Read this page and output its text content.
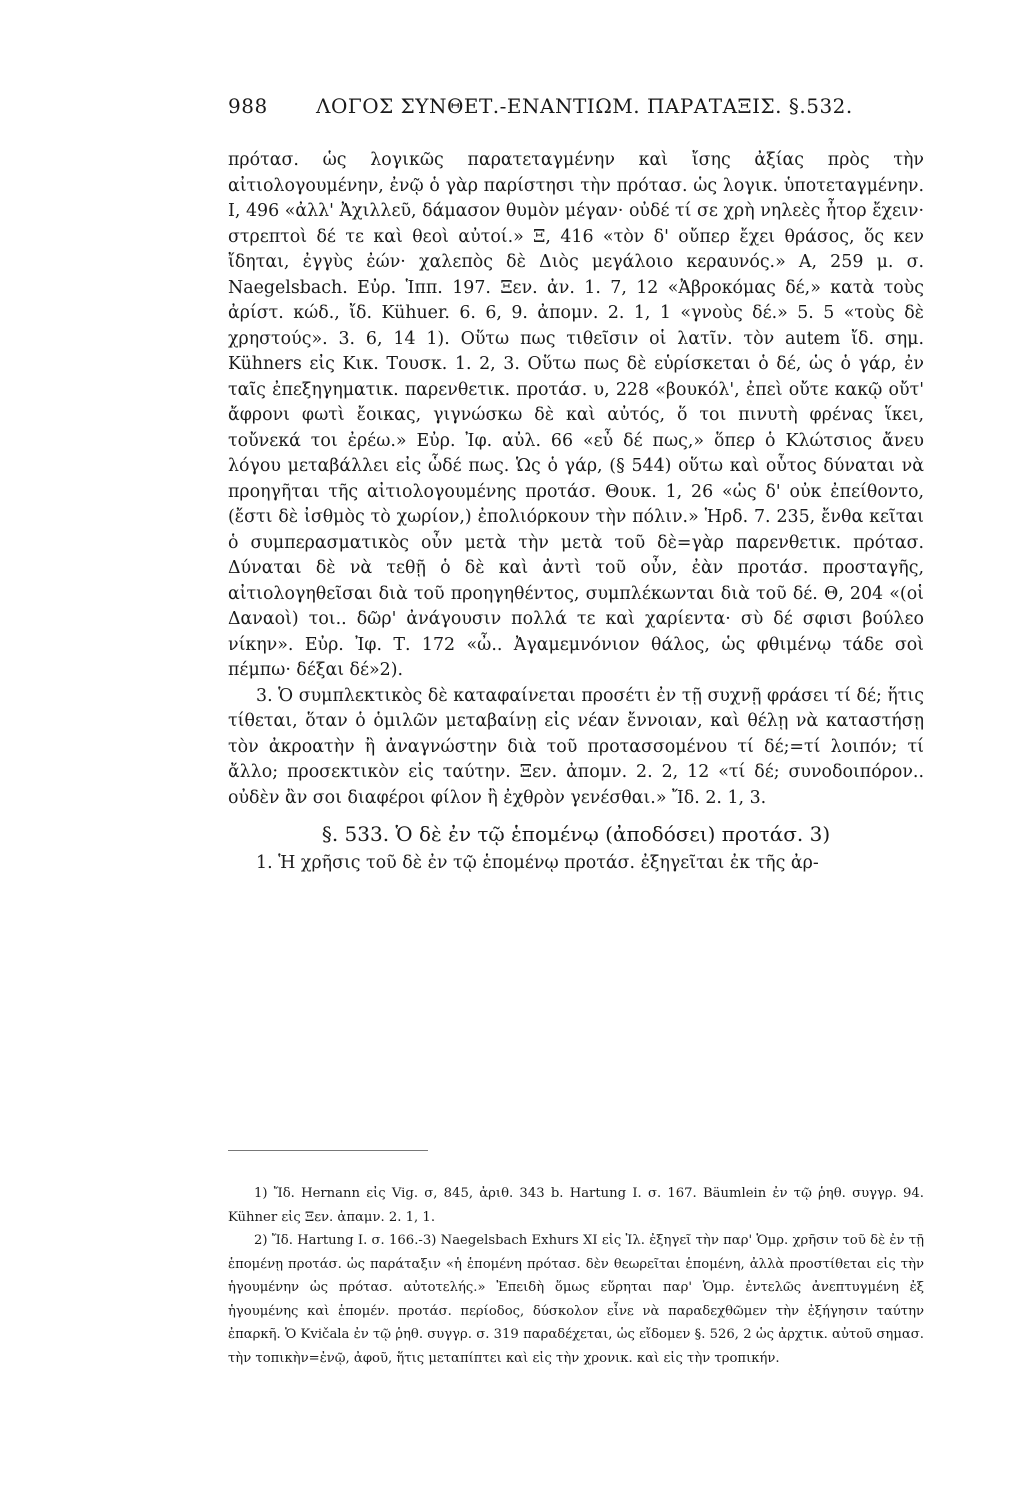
988 ΛΟΓΟΣ ΣΥΝΘΕΤ.-ΕΝΑΝΤΙΩΜ. ΠΑΡΑΤΑΞΙΣ. §.532.

πρότασ. ὡς λογικῶς παρατεταγμένην καὶ ἴσης ἀξίας πρὸς τὴν αἰτιολογουμένην, ἐνῷ ὁ γὰρ παρίστησι τὴν πρότασ. ὡς λογικ. ὑποτεταγμένην. Ι, 496 «ἀλλ' Ἀχιλλεῦ, δάμασον θυμὸν μέγαν· οὐδέ τί σε χρὴ νηλεὲς ἦτορ ἔχειν· στρεπτοὶ δέ τε καὶ θεοὶ αὐτοί.» Ξ, 416 «τὸν δ' οὔπερ ἔχει θράσος, ὅς κεν ἴδηται, ἐγγὺς ἐών· χαλεπὸς δὲ Διὸς μεγάλοιο κεραυνός.» Α, 259 μ. σ. Naegelsbach. Εὐρ. Ἱππ. 197. Ξεν. ἀν. 1. 7, 12 «Ἀβροκόμας δέ,» κατὰ τοὺς ἀρίστ. κώδ., ἴδ. Kühuer. 6. 6, 9. ἀπομν. 2. 1, 1 «γνοὺς δέ.» 5. 5 «τοὺς δὲ χρηστούς». 3. 6, 14 1). Οὕτω πως τιθεῖσιν οἱ λατῖν. τὸν autem ἴδ. σημ. Kühners εἰς Κικ. Τουσκ. 1. 2, 3. Οὕτω πως δὲ εὑρίσκεται ὁ δέ, ὡς ὁ γάρ, ἐν ταῖς ἐπεξηγηματικ. παρενθετικ. προτάσ. υ, 228 «βουκόλ', ἐπεὶ οὔτε κακῷ οὔτ' ἄφρονι φωτὶ ἔοικας, γιγνώσκω δὲ καὶ αὐτός, ὅ τοι πινυτὴ φρένας ἵκει, τοὔνεκά τοι ἐρέω.» Εὐρ. Ἰφ. αὐλ. 66 «εὖ δέ πως,» ὅπερ ὁ Κλώτσιος ἄνευ λόγου μεταβάλλει εἰς ὧδέ πως. Ὡς ὁ γάρ, (§ 544) οὕτω καὶ οὗτος δύναται νὰ προηγῆται τῆς αἰτιολογουμένης προτάσ. Θουκ. 1, 26 «ὡς δ' οὐκ ἐπείθοντο, (ἔστι δὲ ἰσθμὸς τὸ χωρίον,) ἐπολιόρκουν τὴν πόλιν.» Ἡρδ. 7. 235, ἔνθα κεῖται ὁ συμπερασματικὸς οὖν μετὰ τὴν μετὰ τοῦ δὲ=γὰρ παρενθετικ. πρότασ. Δύναται δὲ νὰ τεθῇ ὁ δὲ καὶ ἀντὶ τοῦ οὖν, ἐὰν προτάσ. προσταγῆς, αἰτιολογηθεῖσαι διὰ τοῦ προηγηθέντος, συμπλέκωνται διὰ τοῦ δέ. Θ, 204 «(οἱ Δαναοὶ) τοι.. δῶρ' ἀνάγουσιν πολλά τε καὶ χαρίεντα· σὺ δέ σφισι βούλεο νίκην». Εὐρ. Ἰφ. Τ. 172 «ὦ.. Ἀγαμεμνόνιον θάλος, ὡς φθιμένῳ τάδε σοὶ πέμπω· δέξαι δέ»2).

3. Ὁ συμπλεκτικὸς δὲ καταφαίνεται προσέτι ἐν τῇ συχνῇ φράσει τί δέ; ἥτις τίθεται, ὅταν ὁ ὁμιλῶν μεταβαίνῃ εἰς νέαν ἔννοιαν, καὶ θέλῃ νὰ καταστήσῃ τὸν ἀκροατὴν ἢ ἀναγνώστην διὰ τοῦ προτασσομένου τί δέ;=τί λοιπόν; τί ἄλλο; προσεκτικὸν εἰς ταύτην. Ξεν. ἀπομν. 2. 2, 12 «τί δέ; συνοδοιπόρον.. οὐδὲν ἂν σοι διαφέροι φίλον ἢ ἐχθρὸν γενέσθαι.» Ἴδ. 2. 1, 3.

§. 533. Ὁ δὲ ἐν τῷ ἑπομένῳ (ἀποδόσει) προτάσ. 3)

1. Ἡ χρῆσις τοῦ δὲ ἐν τῷ ἑπομένῳ προτάσ. ἐξηγεῖται ἐκ τῆς ἀρ-

1) Ἴδ. Hernann εἰς Vig. σ, 845, ἀριθ. 343 b. Hartung Ι. σ. 167. Bäumlein ἐν τῷ ῥηθ. συγγρ. 94. Kühner εἰς Ξεν. ἀπαμν. 2. 1, 1.

2) Ἴδ. Hartung Ι. σ. 166.-3) Naegelsbach Exhurs XI εἰς Ἰλ. ἐξηγεῖ τὴν παρ' Ὁμρ. χρῆσιν τοῦ δὲ ἐν τῇ ἑπομένῃ προτάσ. ὡς παράταξιν «ἡ ἑπομένη πρότασ. δὲν θεωρεῖται ἑπομένη, ἀλλὰ προστίθεται εἰς τὴν ἡγουμένην ὡς πρότασ. αὐτοτελής.» Ἐπειδὴ ὅμως εὕρηται παρ' Ὁμρ. ἐντελῶς ἀνεπτυγμένη ἐξ ἡγουμένης καὶ ἑπομέν. προτάσ. περίοδος, δύσκολον εἶνε νὰ παραδεχθῶμεν τὴν ἐξήγησιν ταύτην ἐπαρκῆ. Ὁ Kvičala ἐν τῷ ῥηθ. συγγρ. σ. 319 παραδέχεται, ὡς εἴδομεν §. 526, 2 ὡς ἀρχτικ. αὐτοῦ σημασ. τὴν τοπικὴν=ἐνῷ, ἀφοῦ, ἥτις μεταπίπτει καὶ εἰς τὴν χρονικ. καὶ εἰς τὴν τροπικήν.
